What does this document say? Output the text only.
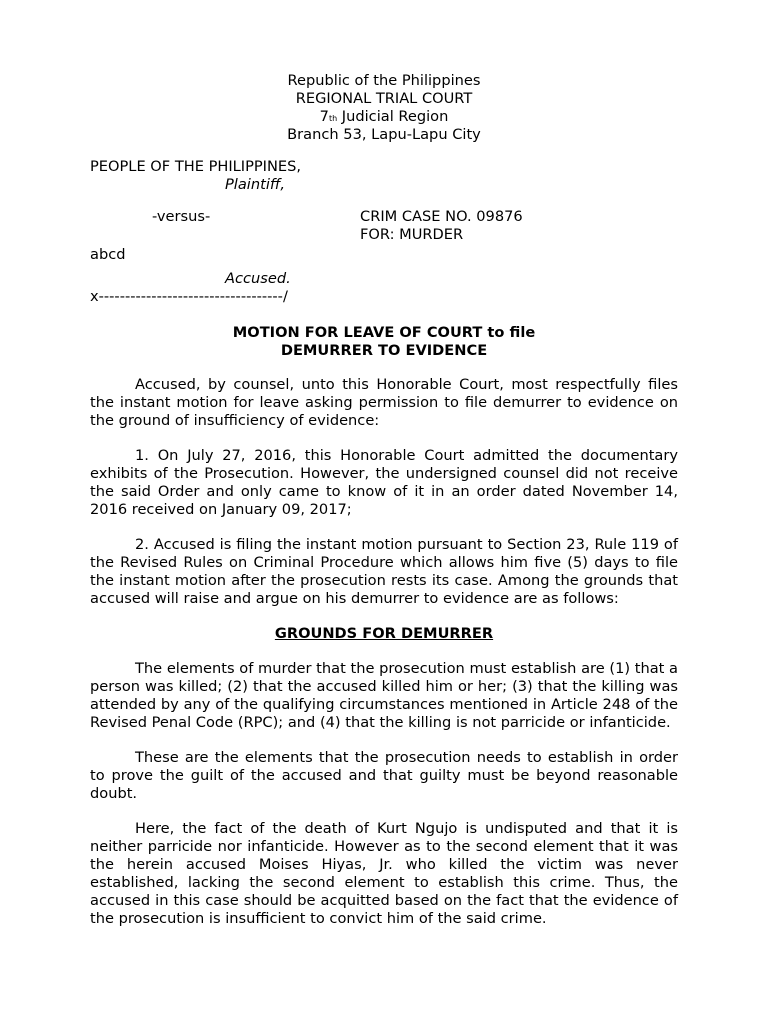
Republic of the Philippines
REGIONAL TRIAL COURT
7th Judicial Region
Branch 53, Lapu-Lapu City
PEOPLE OF THE PHILIPPINES,
Plaintiff,
-versus-	CRIM CASE NO. 09876
FOR: MURDER
abcd
Accused.
x-----------------------------------/
MOTION FOR LEAVE OF COURT to file
DEMURRER TO EVIDENCE

Accused, by counsel, unto this Honorable Court, most respectfully files the instant motion for leave asking permission to file demurrer to evidence on the ground of insufficiency of evidence:

1. On July 27, 2016, this Honorable Court admitted the documentary exhibits of the Prosecution. However, the undersigned counsel did not receive the said Order and only came to know of it in an order dated November 14, 2016 received on January 09, 2017;

2. Accused is filing the instant motion pursuant to Section 23, Rule 119 of the Revised Rules on Criminal Procedure which allows him five (5) days to file the instant motion after the prosecution rests its case. Among the grounds that accused will raise and argue on his demurrer to evidence are as follows:

GROUNDS FOR DEMURRER

The elements of murder that the prosecution must establish are (1) that a person was killed; (2) that the accused killed him or her; (3) that the killing was attended by any of the qualifying circumstances mentioned in Article 248 of the Revised Penal Code (RPC); and (4) that the killing is not parricide or infanticide.

These are the elements that the prosecution needs to establish in order to prove the guilt of the accused and that guilty must be beyond reasonable doubt.

Here, the fact of the death of Kurt Ngujo is undisputed and that it is neither parricide nor infanticide. However as to the second element that it was the herein accused Moises Hiyas, Jr. who killed the victim was never established, lacking the second element to establish this crime. Thus, the accused in this case should be acquitted based on the fact that the evidence of the prosecution is insufficient to convict him of the said crime.
